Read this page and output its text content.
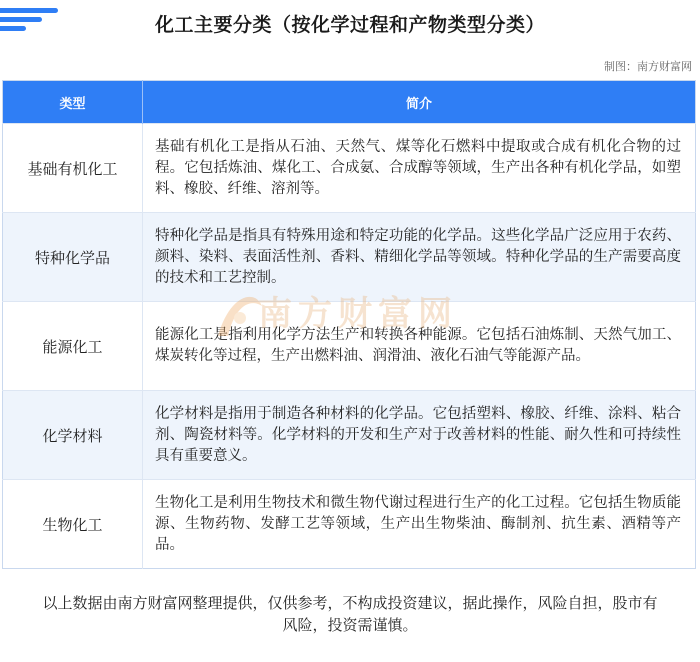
化工主要分类（按化学过程和产物类型分类）
制图：南方财富网
类型	简介
基础有机化工	基础有机化工是指从石油、天然气、煤等化石燃料中提取或合成有机化合物的过程。它包括炼油、煤化工、合成氨、合成醇等领域，生产出各种有机化学品，如塑料、橡胶、纤维、溶剂等。
特种化学品	特种化学品是指具有特殊用途和特定功能的化学品。这些化学品广泛应用于农药、颜料、染料、表面活性剂、香料、精细化学品等领域。特种化学品的生产需要高度的技术和工艺控制。
能源化工	能源化工是指利用化学方法生产和转换各种能源。它包括石油炼制、天然气加工、煤炭转化等过程，生产出燃料油、润滑油、液化石油气等能源产品。
化学材料	化学材料是指用于制造各种材料的化学品。它包括塑料、橡胶、纤维、涂料、粘合剂、陶瓷材料等。化学材料的开发和生产对于改善材料的性能、耐久性和可持续性具有重要意义。
生物化工	生物化工是利用生物技术和微生物代谢过程进行生产的化工过程。它包括生物质能源、生物药物、发酵工艺等领域，生产出生物柴油、酶制剂、抗生素、酒精等产品。
南方财富网
以上数据由南方财富网整理提供，仅供参考，不构成投资建议，据此操作，风险自担，股市有风险，投资需谨慎。
